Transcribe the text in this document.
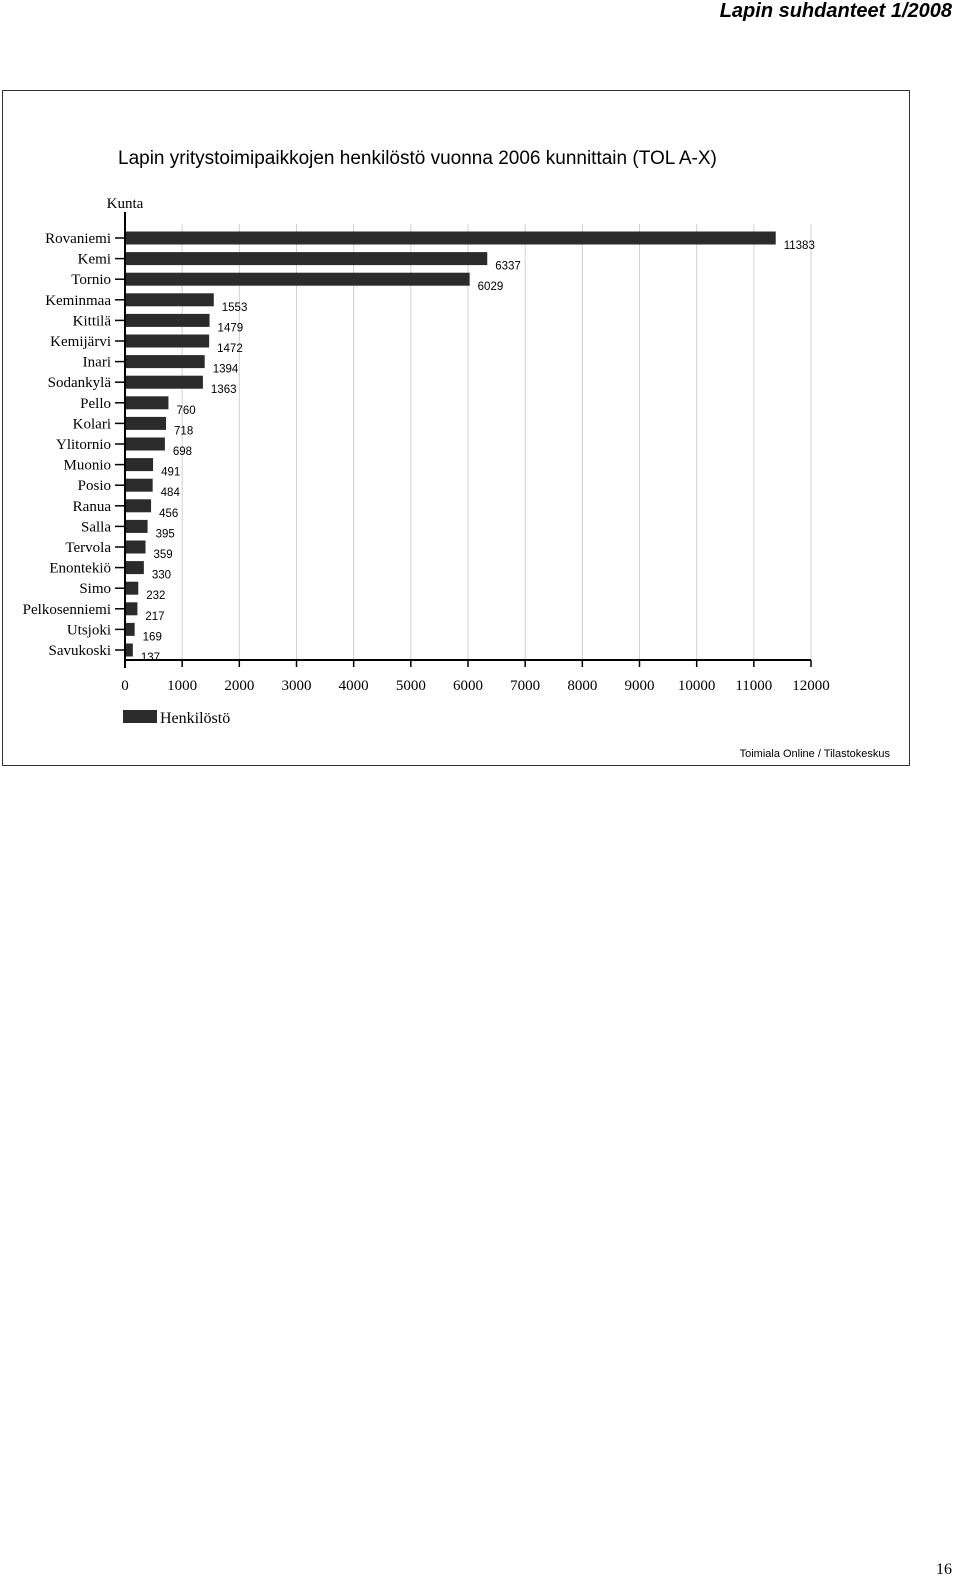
Lapin suhdanteet 1/2008
Lapin yritystoimipaikkojen henkilöstö vuonna 2006 kunnittain (TOL A-X)
Kunta
0	1000 2000 3000 4000 5000 6000 7000 8000 9000 10000 11000 12000
Rovaniemi	11383
Kemi	6337
Tornio	6029
Keminmaa	1553
Kittilä	1479
Kemijärvi	1472
Inari	1394
Sodankylä	1363
Pello	760
Kolari	718
Ylitornio	698
Muonio	491
Posio	484
Ranua	456
Salla	395
Tervola	359
Enontekiö	330
Simo	232
Pelkosenniemi	217
Utsjoki	169
Savukoski	137
Henkilöstö
Toimiala Online / Tilastokeskus
16
